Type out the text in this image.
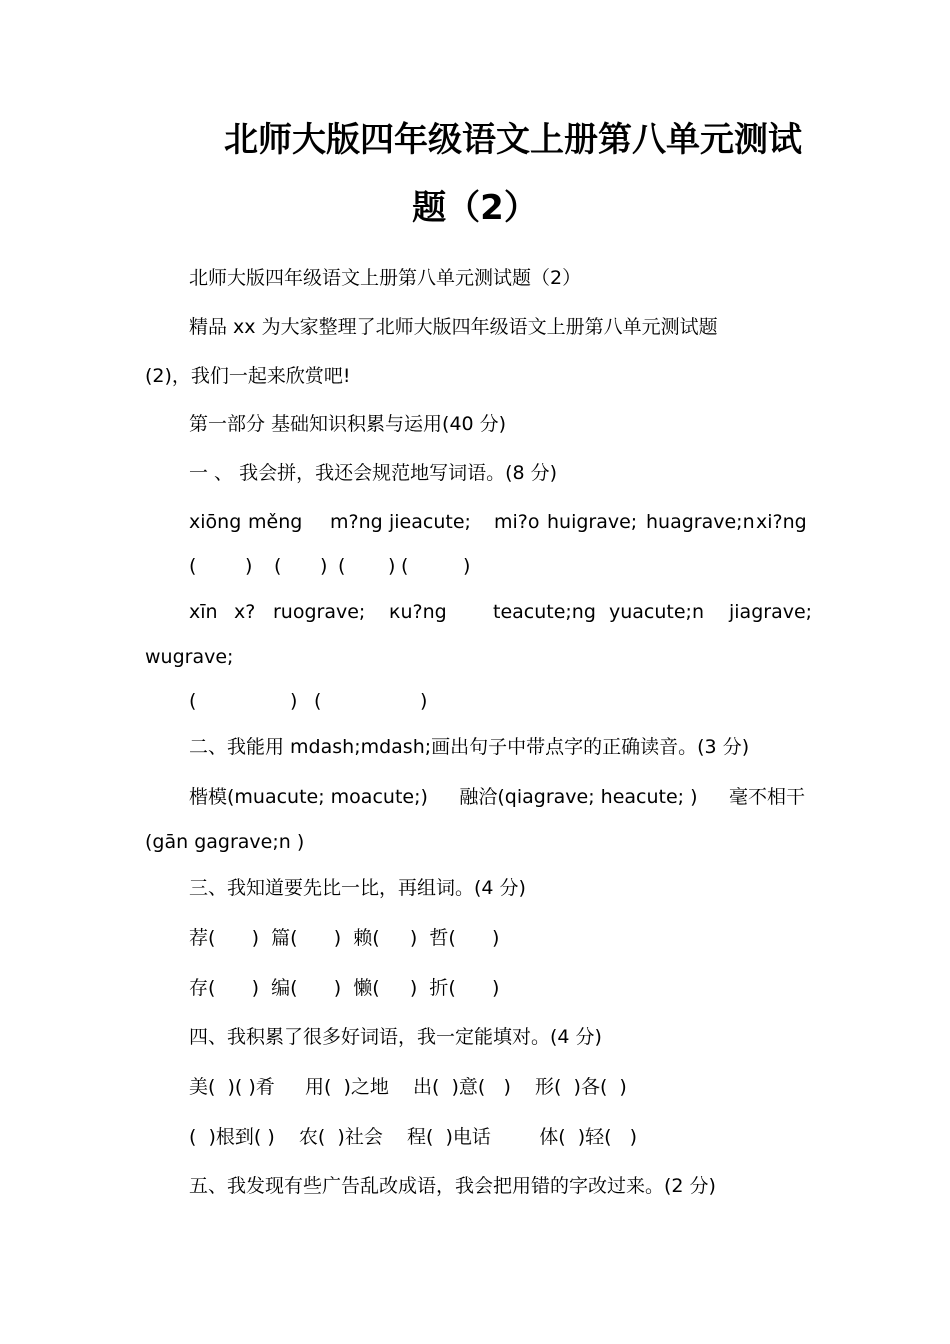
北师大版四年级语文上册第八单元测试
题（2）
北师大版四年级语文上册第八单元测试题（2）
精品 xx 为大家整理了北师大版四年级语文上册第八单元测试题
(2)，我们一起来欣赏吧!
第一部分 基础知识积累与运用(40 分)
一 、 我会拼，我还会规范地写词语。(8 分)
xiōng měng m?ng jieacute; mi?o huigrave; huagrave;n xi?ng
(	) ( ) ( ) (	)
xīn x? ruograve; кu?ng teacute;ng yuacute;n jiagrave;
wugrave;
(	) (	)
二、我能用 mdash;mdash;画出句子中带点字的正确读音。(3 分)
楷模(muacute; moacute;) 融洽(qiagrave; heacute; ) 毫不相干
(gān gagrave;n )
三、我知道要先比一比，再组词。(4 分)
荐(      )  篇(      )  赖(     )  哲(      )
存(      )  编(      )  懒(     )  折(      )
四、我积累了很多好词语，我一定能填对。(4 分)
美(  )( )肴     用(  )之地    出(  )意(   )    形(  )各(  )
(  )根到( )    农(  )社会    程(  )电话        体(  )轻(   )
五、我发现有些广告乱改成语，我会把用错的字改过来。(2 分)
